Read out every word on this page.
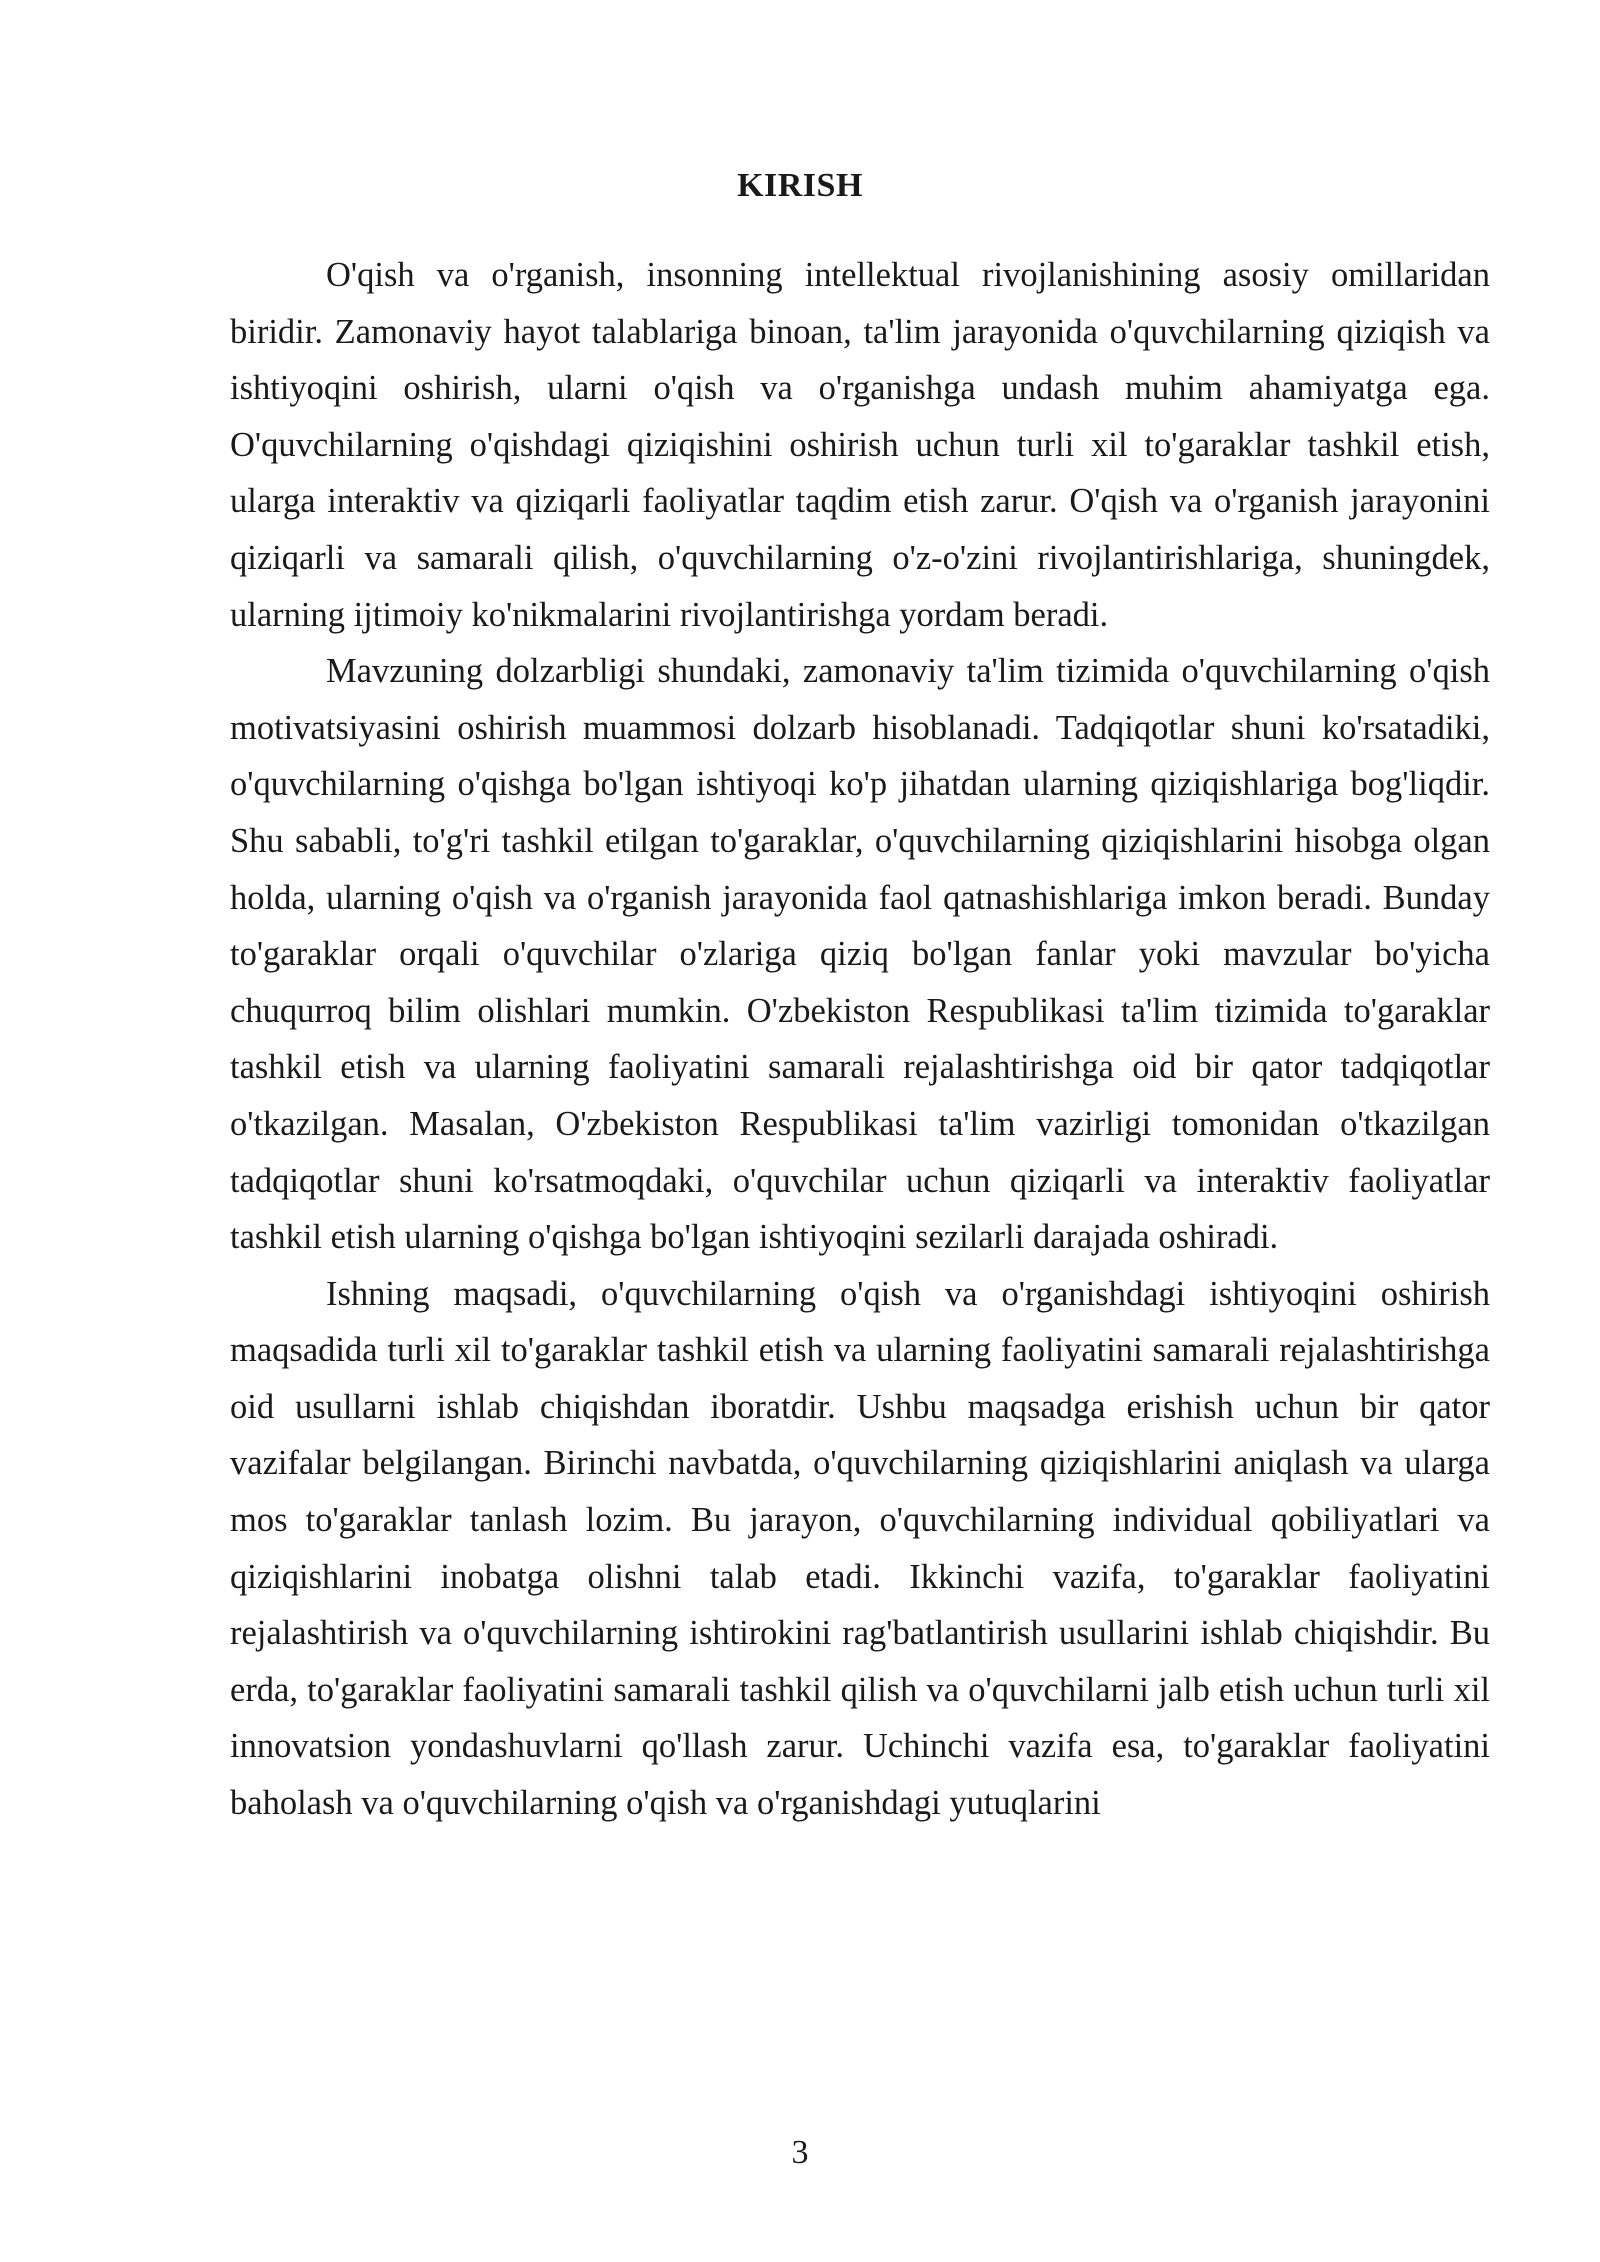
KIRISH

O'qish va o'rganish, insonning intellektual rivojlanishining asosiy omillaridan biridir. Zamonaviy hayot talablariga binoan, ta'lim jarayonida o'quvchilarning qiziqish va ishtiyoqini oshirish, ularni o'qish va o'rganishga undash muhim ahamiyatga ega. O'quvchilarning o'qishdagi qiziqishini oshirish uchun turli xil to'garaklar tashkil etish, ularga interaktiv va qiziqarli faoliyatlar taqdim etish zarur. O'qish va o'rganish jarayonini qiziqarli va samarali qilish, o'quvchilarning o'z-o'zini rivojlantirishlariga, shuningdek, ularning ijtimoiy ko'nikmalarini rivojlantirishga yordam beradi.

Mavzuning dolzarbligi shundaki, zamonaviy ta'lim tizimida o'quvchilarning o'qish motivatsiyasini oshirish muammosi dolzarb hisoblanadi. Tadqiqotlar shuni ko'rsatadiki, o'quvchilarning o'qishga bo'lgan ishtiyoqi ko'p jihatdan ularning qiziqishlariga bog'liqdir. Shu sababli, to'g'ri tashkil etilgan to'garaklar, o'quvchilarning qiziqishlarini hisobga olgan holda, ularning o'qish va o'rganish jarayonida faol qatnashishlariga imkon beradi. Bunday to'garaklar orqali o'quvchilar o'zlariga qiziq bo'lgan fanlar yoki mavzular bo'yicha chuqurroq bilim olishlari mumkin. O'zbekiston Respublikasi ta'lim tizimida to'garaklar tashkil etish va ularning faoliyatini samarali rejalashtirishga oid bir qator tadqiqotlar o'tkazilgan. Masalan, O'zbekiston Respublikasi ta'lim vazirligi tomonidan o'tkazilgan tadqiqotlar shuni ko'rsatmoqdaki, o'quvchilar uchun qiziqarli va interaktiv faoliyatlar tashkil etish ularning o'qishga bo'lgan ishtiyoqini sezilarli darajada oshiradi.

Ishning maqsadi, o'quvchilarning o'qish va o'rganishdagi ishtiyoqini oshirish maqsadida turli xil to'garaklar tashkil etish va ularning faoliyatini samarali rejalashtirishga oid usullarni ishlab chiqishdan iboratdir. Ushbu maqsadga erishish uchun bir qator vazifalar belgilangan. Birinchi navbatda, o'quvchilarning qiziqishlarini aniqlash va ularga mos to'garaklar tanlash lozim. Bu jarayon, o'quvchilarning individual qobiliyatlari va qiziqishlarini inobatga olishni talab etadi. Ikkinchi vazifa, to'garaklar faoliyatini rejalashtirish va o'quvchilarning ishtirokini rag'batlantirish usullarini ishlab chiqishdir. Bu erda, to'garaklar faoliyatini samarali tashkil qilish va o'quvchilarni jalb etish uchun turli xil innovatsion yondashuvlarni qo'llash zarur. Uchinchi vazifa esa, to'garaklar faoliyatini baholash va o'quvchilarning o'qish va o'rganishdagi yutuqlarini

3
